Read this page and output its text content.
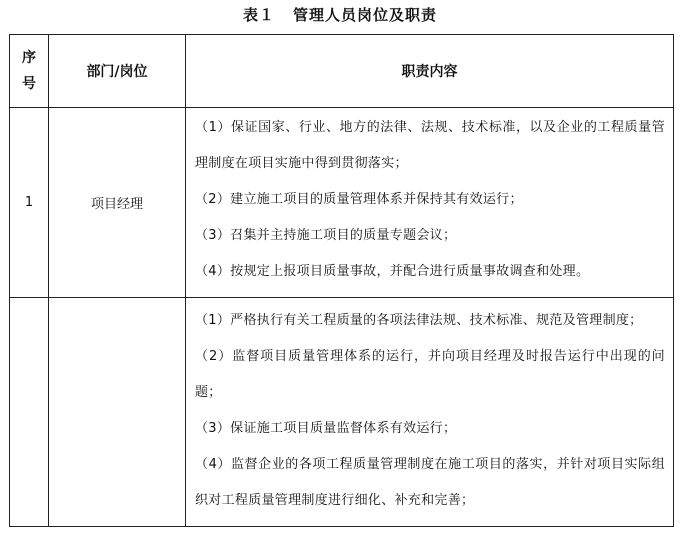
表１ 管理人员岗位及职责
序
号	部门/岗位	职责内容
1	项目经理	（1）保证国家、行业、地方的法律、法规、技术标准，以及企业的工程质量管理制度在项目实施中得到贯彻落实；
（2）建立施工项目的质量管理体系并保持其有效运行；
（3）召集并主持施工项目的质量专题会议；
（4）按规定上报项目质量事故，并配合进行质量事故调查和处理。

		（1）严格执行有关工程质量的各项法律法规、技术标准、规范及管理制度；
（2）监督项目质量管理体系的运行，并向项目经理及时报告运行中出现的问题；
（3）保证施工项目质量监督体系有效运行；
（4）监督企业的各项工程质量管理制度在施工项目的落实，并针对项目实际组织对工程质量管理制度进行细化、补充和完善；
